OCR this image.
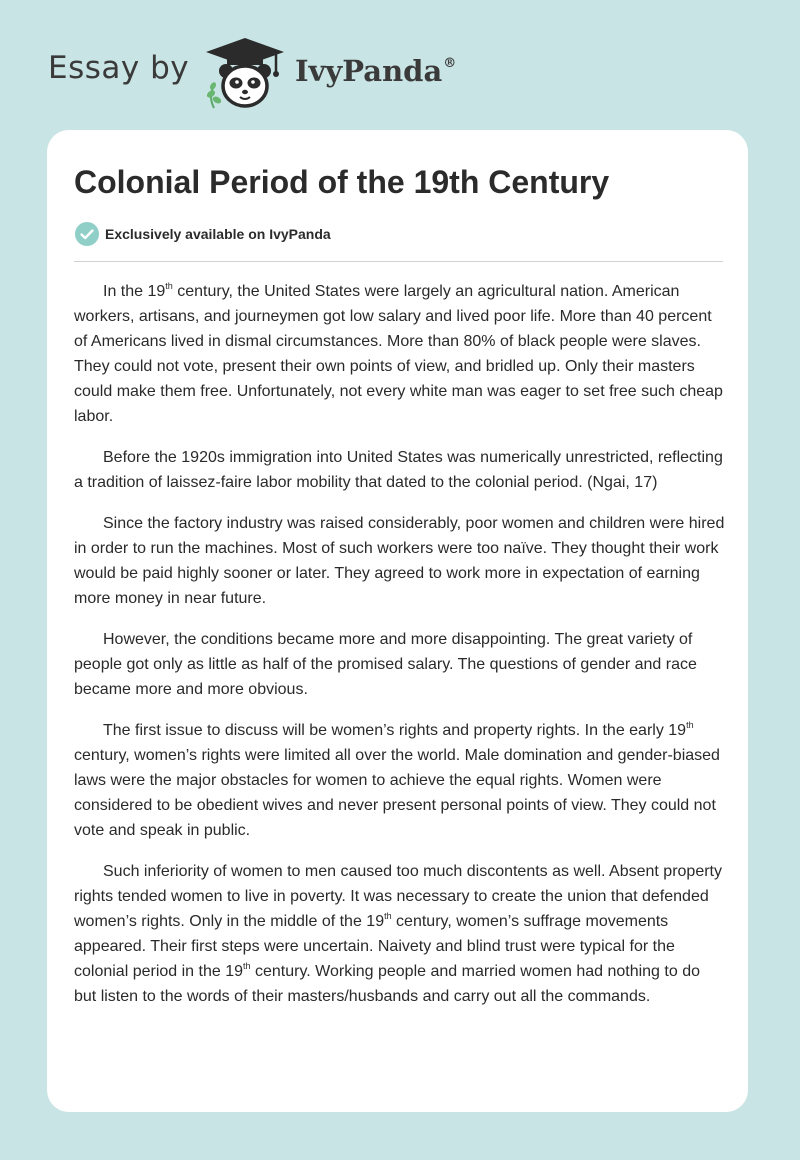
Essay by	IvyPanda®
Colonial Period of the 19th Century
Exclusively available on IvyPanda

In the 19th century, the United States were largely an agricultural nation. American workers, artisans, and journeymen got low salary and lived poor life. More than 40 percent of Americans lived in dismal circumstances. More than 80% of black people were slaves. They could not vote, present their own points of view, and bridled up. Only their masters could make them free. Unfortunately, not every white man was eager to set free such cheap labor.

Before the 1920s immigration into United States was numerically unrestricted, reflecting a tradition of laissez-faire labor mobility that dated to the colonial period. (Ngai, 17)

Since the factory industry was raised considerably, poor women and children were hired in order to run the machines. Most of such workers were too naïve. They thought their work would be paid highly sooner or later. They agreed to work more in expectation of earning more money in near future.

However, the conditions became more and more disappointing. The great variety of people got only as little as half of the promised salary. The questions of gender and race became more and more obvious.

The first issue to discuss will be women’s rights and property rights. In the early 19th century, women’s rights were limited all over the world. Male domination and gender-biased laws were the major obstacles for women to achieve the equal rights. Women were considered to be obedient wives and never present personal points of view. They could not vote and speak in public.

Such inferiority of women to men caused too much discontents as well. Absent property rights tended women to live in poverty. It was necessary to create the union that defended women’s rights. Only in the middle of the 19th century, women’s suffrage movements appeared. Their first steps were uncertain. Naivety and blind trust were typical for the colonial period in the 19th century. Working people and married women had nothing to do but listen to the words of their masters/husbands and carry out all the commands.
